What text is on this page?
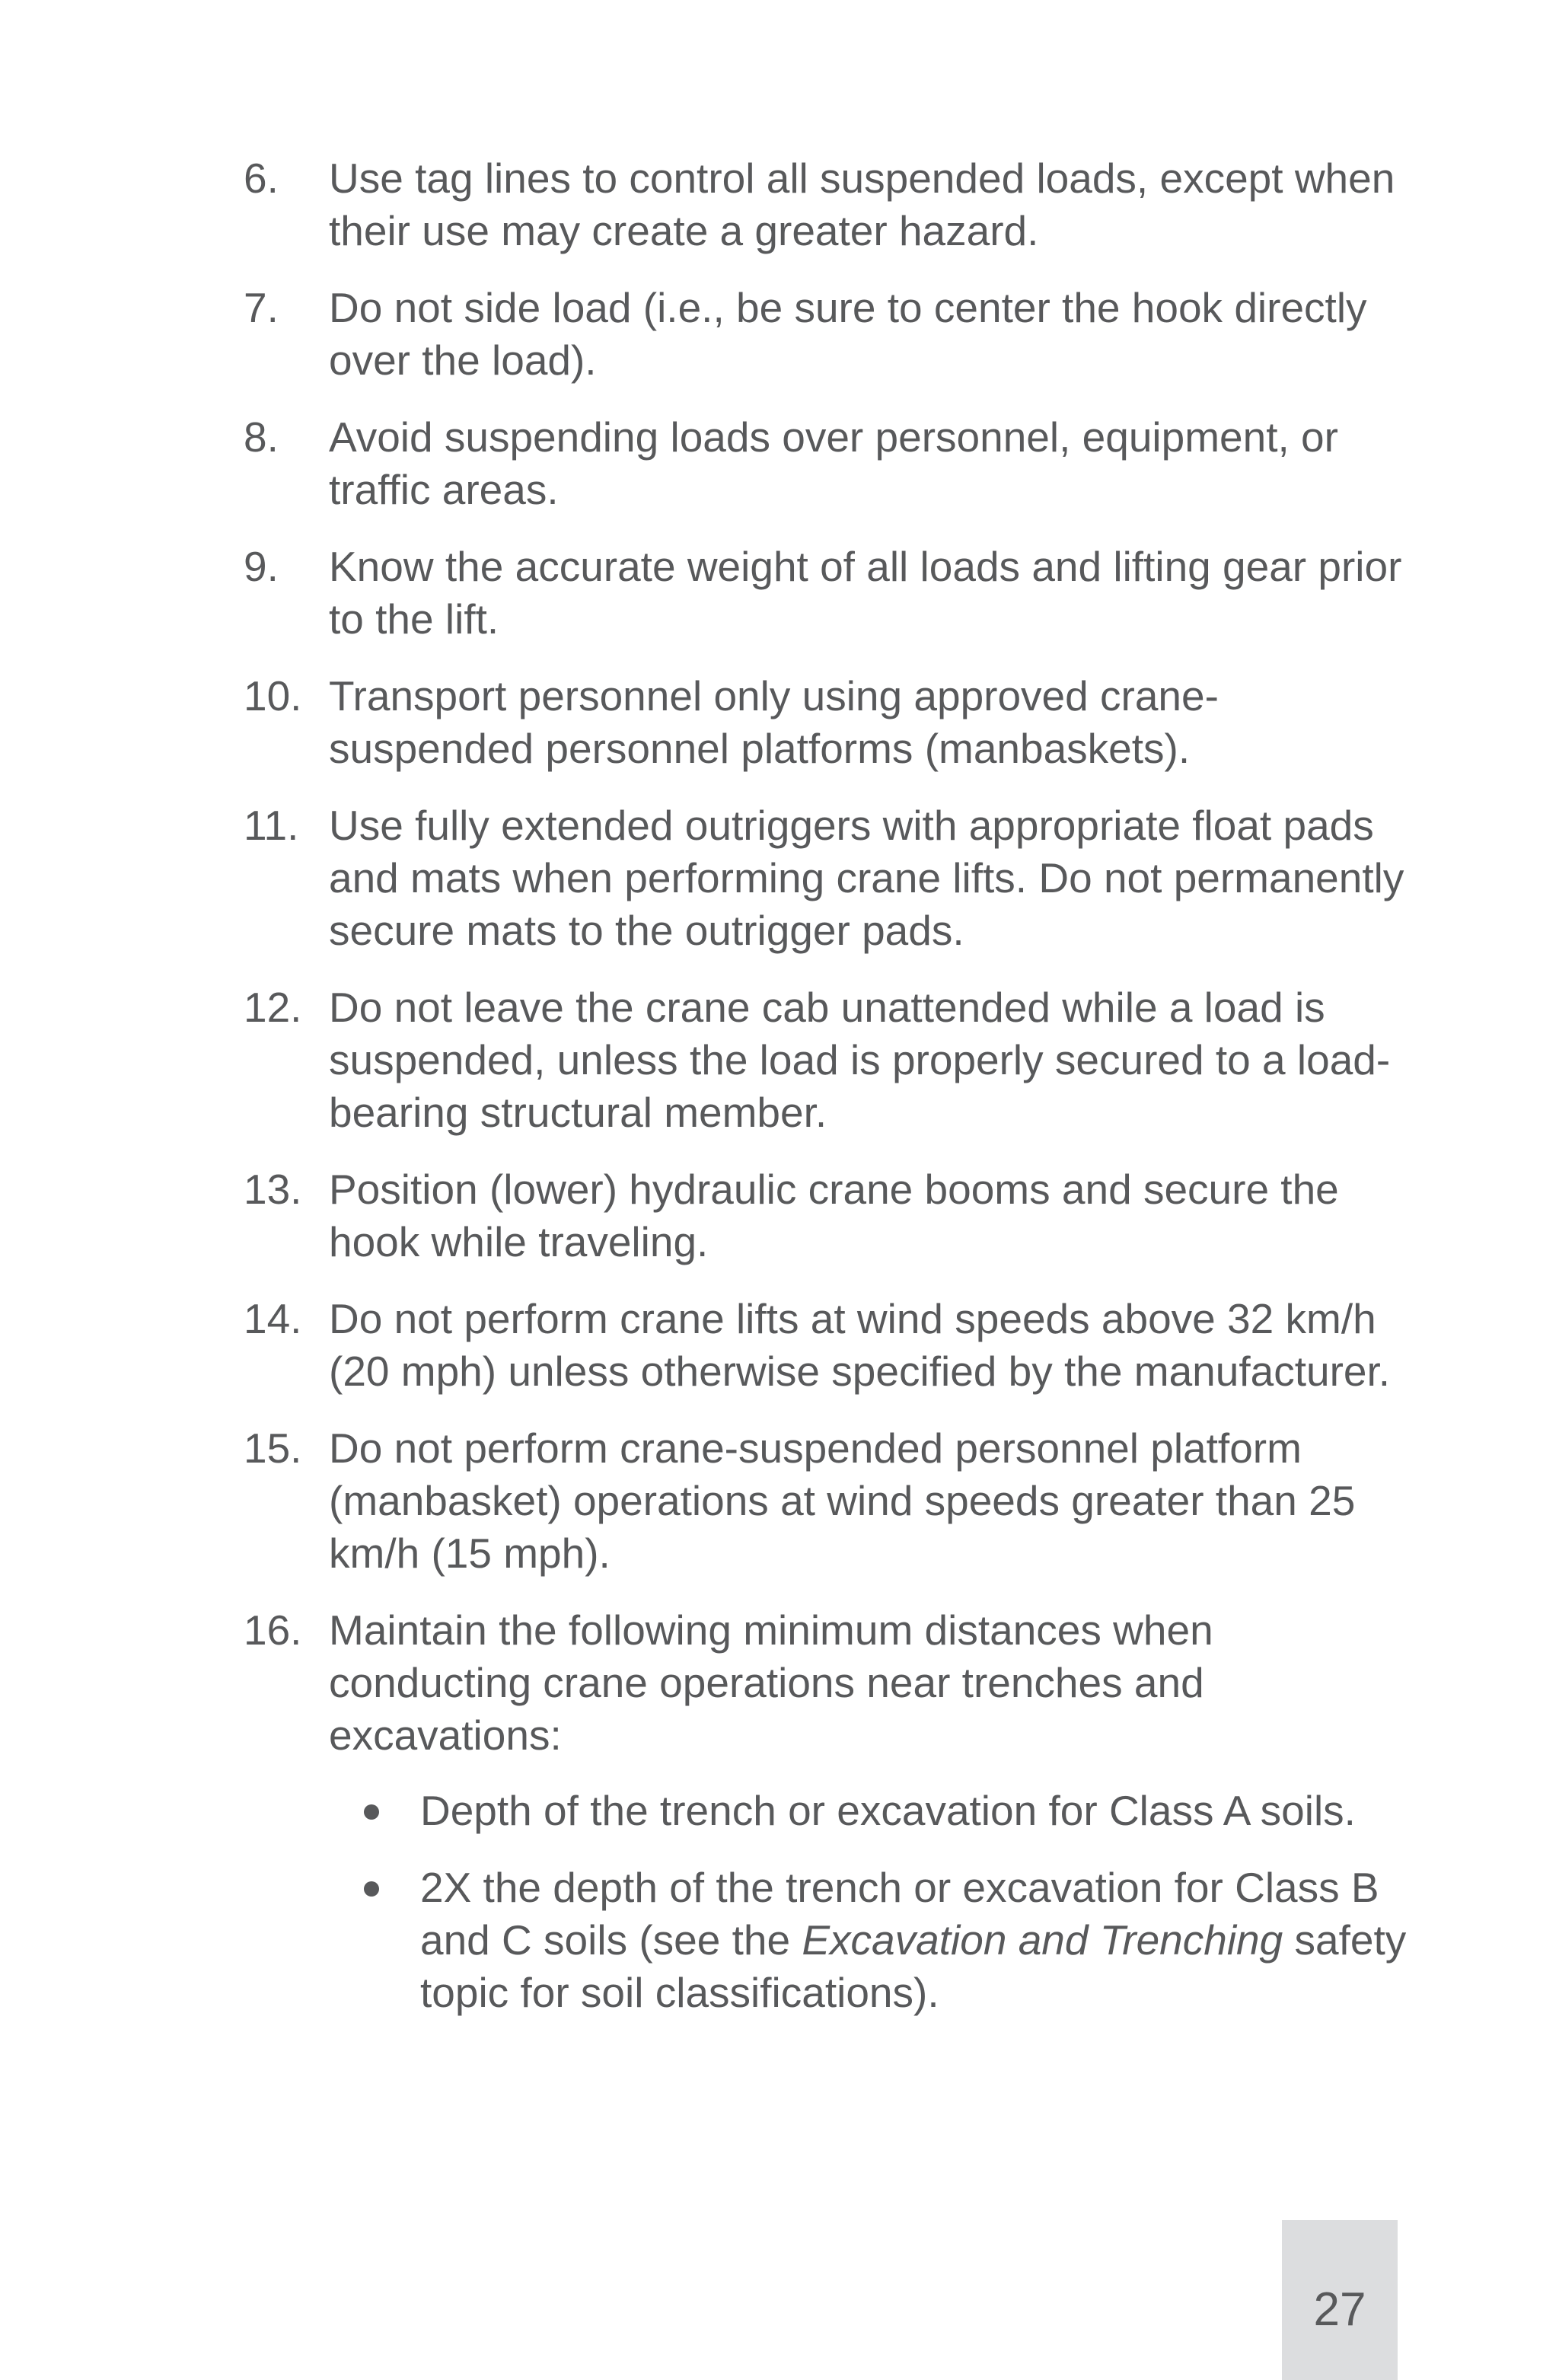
6. Use tag lines to control all suspended loads, except when their use may create a greater hazard.
7. Do not side load (i.e., be sure to center the hook directly over the load).
8. Avoid suspending loads over personnel, equipment, or traffic areas.
9. Know the accurate weight of all loads and lifting gear prior to the lift.
10. Transport personnel only using approved crane-suspended personnel platforms (manbaskets).
11. Use fully extended outriggers with appropriate float pads and mats when performing crane lifts. Do not permanently secure mats to the outrigger pads.
12. Do not leave the crane cab unattended while a load is suspended, unless the load is properly secured to a load-bearing structural member.
13. Position (lower) hydraulic crane booms and secure the hook while traveling.
14. Do not perform crane lifts at wind speeds above 32 km/h (20 mph) unless otherwise specified by the manufacturer.
15. Do not perform crane-suspended personnel platform (manbasket) operations at wind speeds greater than 25 km/h (15 mph).
16. Maintain the following minimum distances when conducting crane operations near trenches and excavations:
Depth of the trench or excavation for Class A soils.
2X the depth of the trench or excavation for Class B and C soils (see the Excavation and Trenching safety topic for soil classifications).
27
